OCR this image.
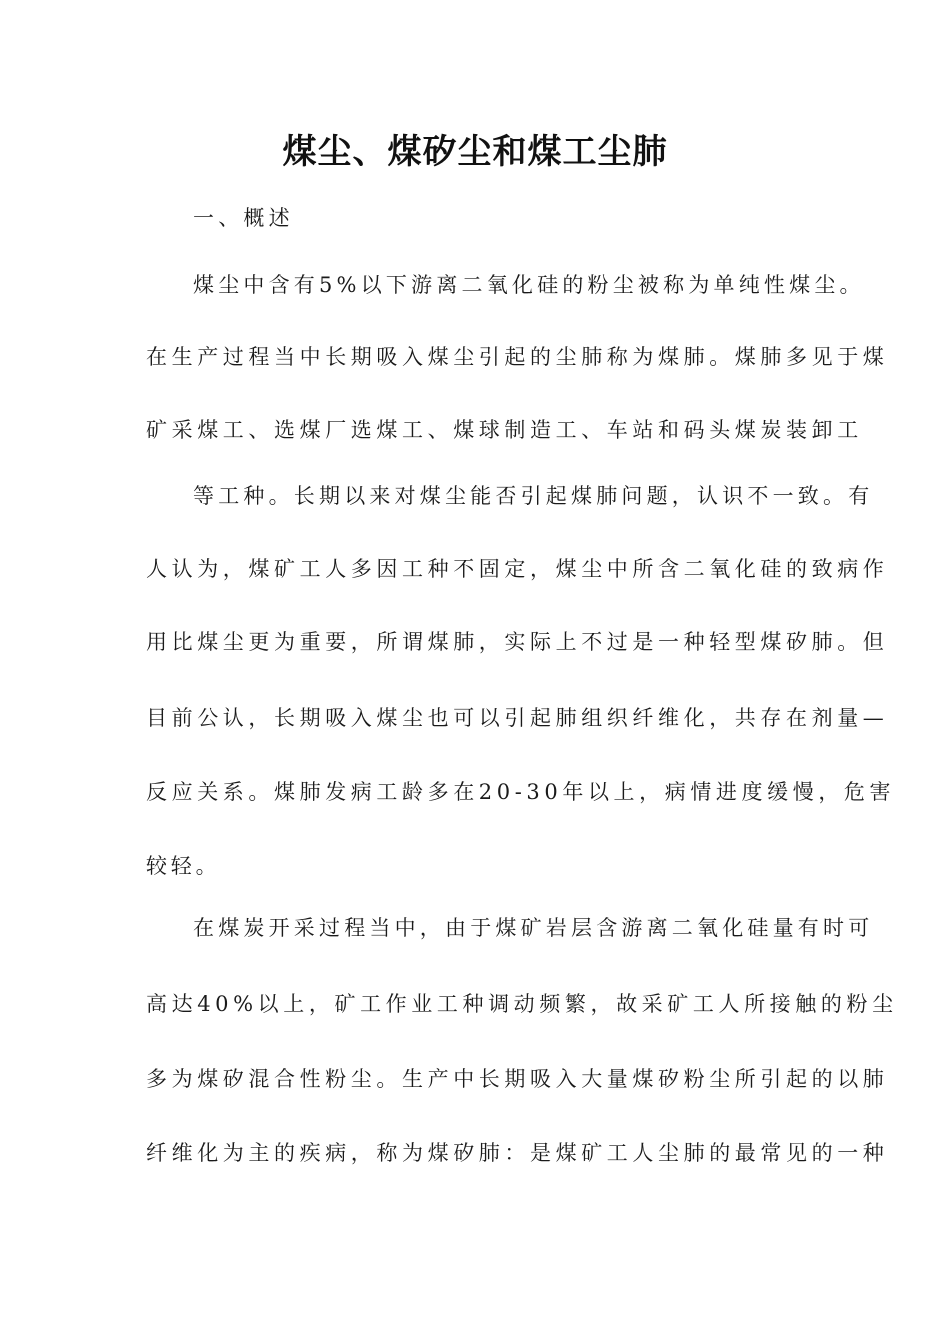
煤尘、煤矽尘和煤工尘肺

一、概述

煤尘中含有5%以下游离二氧化硅的粉尘被称为单纯性煤尘。

在生产过程当中长期吸入煤尘引起的尘肺称为煤肺。煤肺多见于煤

矿采煤工、选煤厂选煤工、煤球制造工、车站和码头煤炭装卸工

等工种。长期以来对煤尘能否引起煤肺问题，认识不一致。有

人认为，煤矿工人多因工种不固定，煤尘中所含二氧化硅的致病作

用比煤尘更为重要，所谓煤肺，实际上不过是一种轻型煤矽肺。但

目前公认，长期吸入煤尘也可以引起肺组织纤维化，共存在剂量—

反应关系。煤肺发病工龄多在20-30年以上，病情进度缓慢，危害

较轻。

在煤炭开采过程当中，由于煤矿岩层含游离二氧化硅量有时可

高达40%以上，矿工作业工种调动频繁，故采矿工人所接触的粉尘

多为煤矽混合性粉尘。生产中长期吸入大量煤矽粉尘所引起的以肺

纤维化为主的疾病，称为煤矽肺：是煤矿工人尘肺的最常见的一种
